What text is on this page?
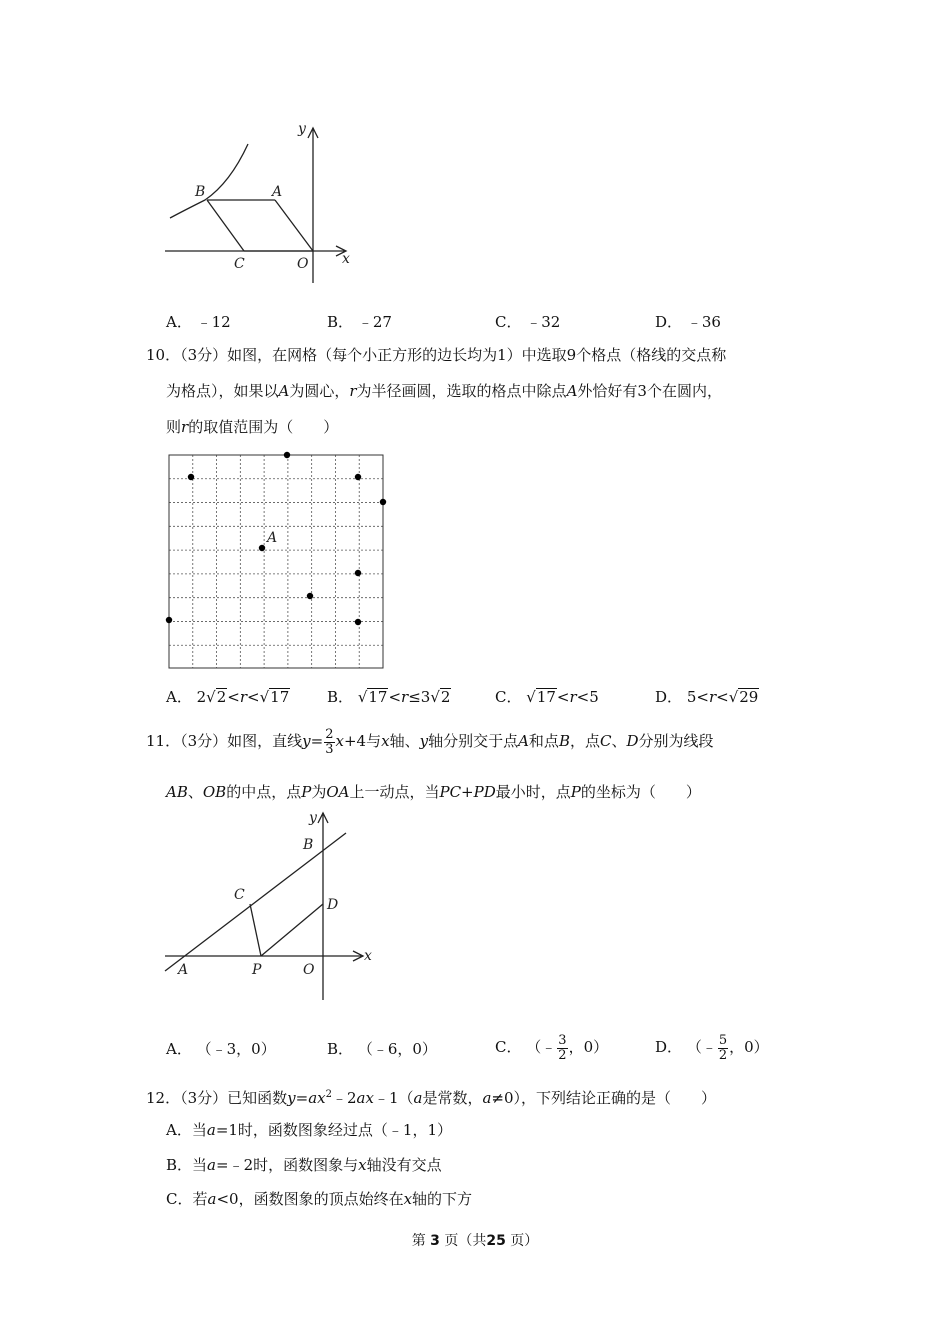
B	A
C	O x
y
A． ﹣12	B． ﹣27	C． ﹣32	D． ﹣36
10．（3分）如图，在网格（每个小正方形的边长均为1）中选取9个格点（格线的交点称
为格点），如果以A为圆心，r为半径画圆，选取的格点中除点A外恰好有3个在圆内，
则r的取值范围为（　　）
A
A． 2√2<r<√17	B． √17<r≤3√2	C． √17<r<5	D． 5<r<√29
11．（3分）如图，直线$y= \frac{2}{3} x+4$与x轴、y轴分别交于点A和点B，点C、D分别为线段
AB、OB的中点，点P为OA上一动点，当PC+PD最小时，点P的坐标为（　　）
B
C
D
A	P	O
x
y
A． （﹣3，0）	B． （﹣6，0）	C． （﹣ $\frac{3}{2}$ ，0）	D． （﹣ $\frac{5}{2}$ ，0）
12．（3分）已知函数$y=ax^2﹣2ax﹣1(a$是常数，a≠0），下列结论正确的是（　　）
A．当a=1时，函数图象经过点（﹣1，1）
B．当a=﹣2时，函数图象与x轴没有交点
C．若a<0，函数图象的顶点始终在x轴的下方
第 3 页（共25 页）
